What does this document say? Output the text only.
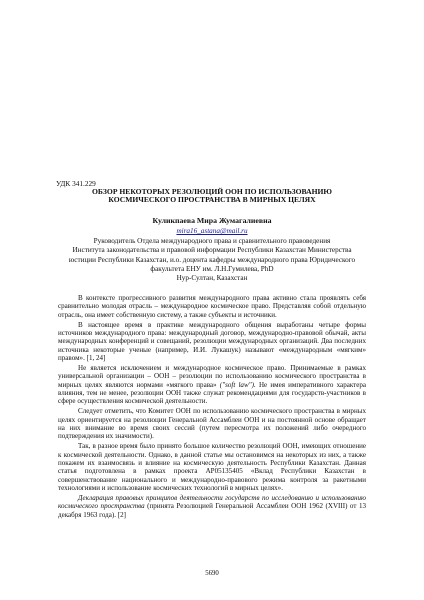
УДК 341.229
ОБЗОР НЕКОТОРЫХ РЕЗОЛЮЦИЙ ООН ПО ИСПОЛЬЗОВАНИЮ
КОСМИЧЕСКОГО ПРОСТРАНСТВА В МИРНЫХ ЦЕЛЯХ
Куликпаева Мира Жумагалиевна
mira16_astana@mail.ru
Руководитель Отдела международного права и сравнительного правоведения
Института законодательства и правовой информации Республики Казахстан Министерства
юстиции Республики Казахстан, и.о. доцента кафедры международного права Юридического
факультета ЕНУ им. Л.Н.Гумилева, PhD
Нур-Султан, Казахстан

В контексте прогрессивного развития международного права активно стала проявлять себя сравнительно молодая отрасль – международное космическое право. Представляя собой отдельную отрасль, она имеет собственную систему, а также субъекты и источники.

В настоящее время в практике международного общения выработаны четыре формы источников международного права: международный договор, международно-правовой обычай, акты международных конференций и совещаний, резолюции международных организаций. Два последних источника некоторые ученые (например, И.И. Лукашук) называют «международным «мягким» правом». [1, 24]

Не является исключением и международное космическое право. Принимаемые в рамках универсальной организации – ООН – резолюции по использованию космического пространства в мирных целях являются нормами «мягкого права» ("soft law"). Не имея императивного характера влияния, тем не менее, резолюции ООН также служат рекомендациями для государств-участников в сфере осуществления космической деятельности.

Следует отметить, что Комитет ООН по использованию космического пространства в мирных целях ориентируется на резолюции Генеральной Ассамблеи ООН и на постоянной основе обращает на них внимание во время своих сессий (путем пересмотра их положений либо очередного подтверждения их значимости).

Так, в разное время было принято большое количество резолюций ООН, имеющих отношение к космической деятельности. Однако, в данной статье мы остановимся на некоторых из них, а также покажем их взаимосвязь и влияние на космическую деятельность Республики Казахстан. Данная статья подготовлена в рамках проекта AP05135405 «Вклад Республики Казахстан в совершенствование национального и международно-правового режима контроля за ракетными технологиями и использование космических технологий в мирных целях».

Декларация правовых принципов деятельности государств по исследованию и использованию космического пространства (принята Резолюцией Генеральной Ассамблеи ООН 1962 (XVIII) от 13 декабря 1963 года). [2]

5690
